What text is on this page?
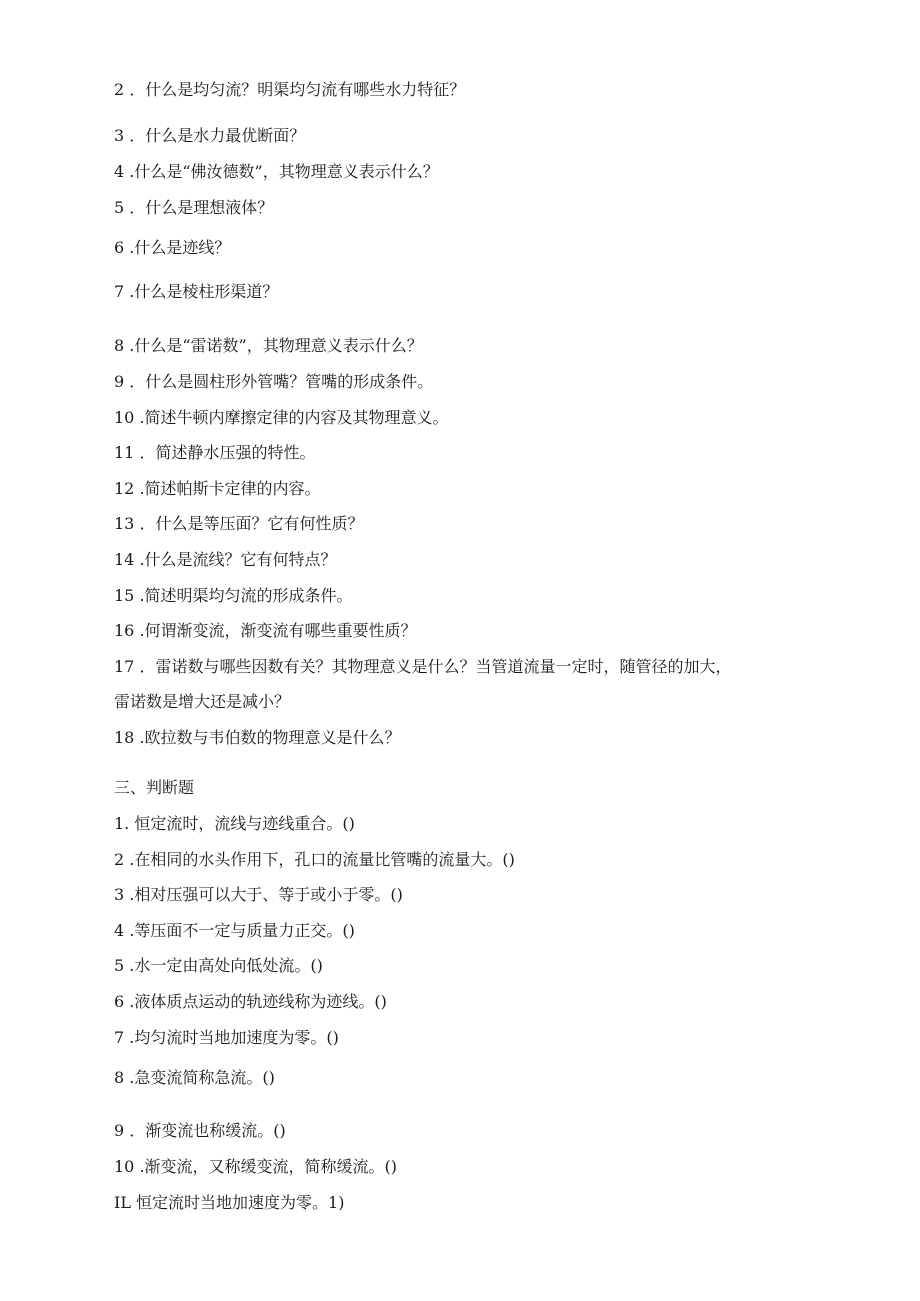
2 ．什么是均匀流？明渠均匀流有哪些水力特征？
3 ．什么是水力最优断面？
4 .什么是“佛汝德数”，其物理意义表示什么？
5 ．什么是理想液体？
6 .什么是迹线？
7 .什么是棱柱形渠道？
8 .什么是“雷诺数”，其物理意义表示什么？
9 ．什么是圆柱形外管嘴？管嘴的形成条件。
10 .简述牛顿内摩擦定律的内容及其物理意义。
11 ．简述静水压强的特性。
12 .简述帕斯卡定律的内容。
13 ．什么是等压面？它有何性质？
14 .什么是流线？它有何特点？
15 .简述明渠均匀流的形成条件。
16 .何谓渐变流，渐变流有哪些重要性质？
17 ．雷诺数与哪些因数有关？其物理意义是什么？当管道流量一定时，随管径的加大，
雷诺数是增大还是减小？
18 .欧拉数与韦伯数的物理意义是什么？
三、判断题
1. 恒定流时，流线与迹线重合。()
2 .在相同的水头作用下，孔口的流量比管嘴的流量大。()
3 .相对压强可以大于、等于或小于零。()
4 .等压面不一定与质量力正交。()
5 .水一定由高处向低处流。()
6 .液体质点运动的轨迹线称为迹线。()
7 .均匀流时当地加速度为零。()
8 .急变流简称急流。()
9 ．渐变流也称缓流。()
10 .渐变流，又称缓变流，简称缓流。()
IL 恒定流时当地加速度为零。1)
